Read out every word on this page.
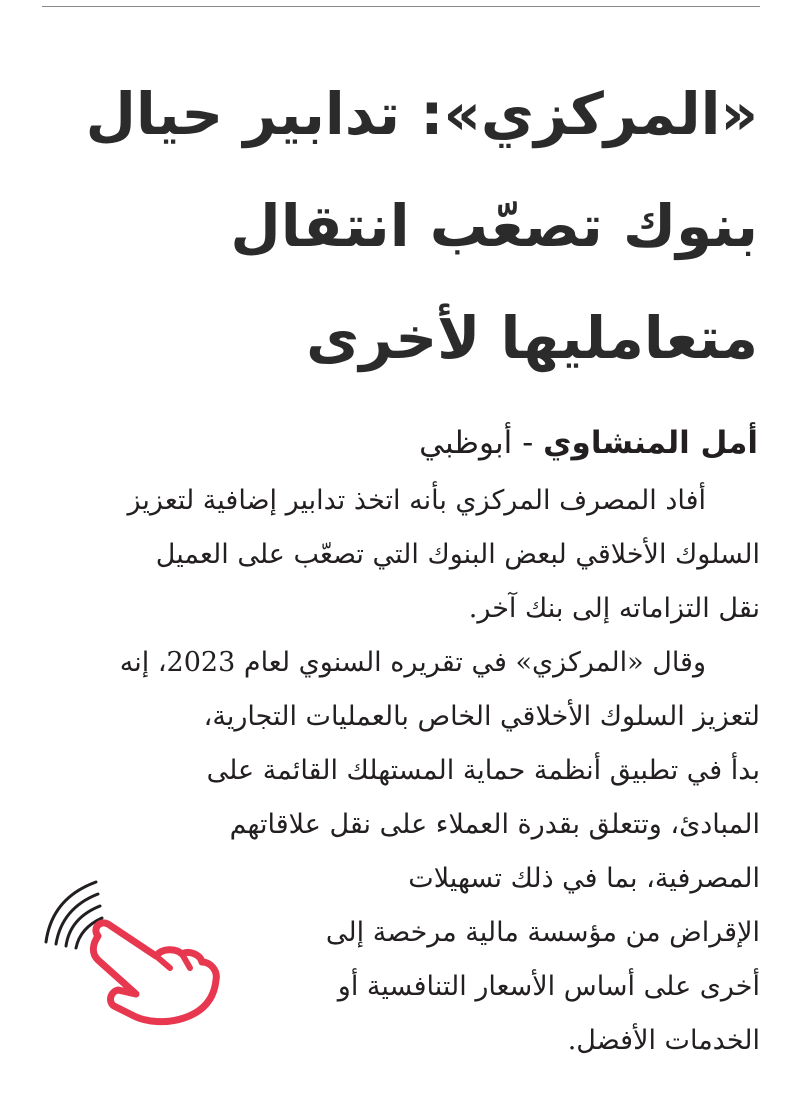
«المركزي»: تدابير حيال
بنوك تصعّب انتقال
متعامليها لأخرى
أمل المنشاوي - أبوظبي
أفاد المصرف المركزي بأنه اتخذ تدابير إضافية لتعزيز
السلوك الأخلاقي لبعض البنوك التي تصعّب على العميل
نقل التزاماته إلى بنك آخر.
وقال «المركزي» في تقريره السنوي لعام 2023، إنه
لتعزيز السلوك الأخلاقي الخاص بالعمليات التجارية،
بدأ في تطبيق أنظمة حماية المستهلك القائمة على
المبادئ، وتتعلق بقدرة العملاء على نقل علاقاتهم
المصرفية، بما في ذلك تسهيلات
الإقراض من مؤسسة مالية مرخصة إلى
أخرى على أساس الأسعار التنافسية أو
الخدمات الأفضل.
